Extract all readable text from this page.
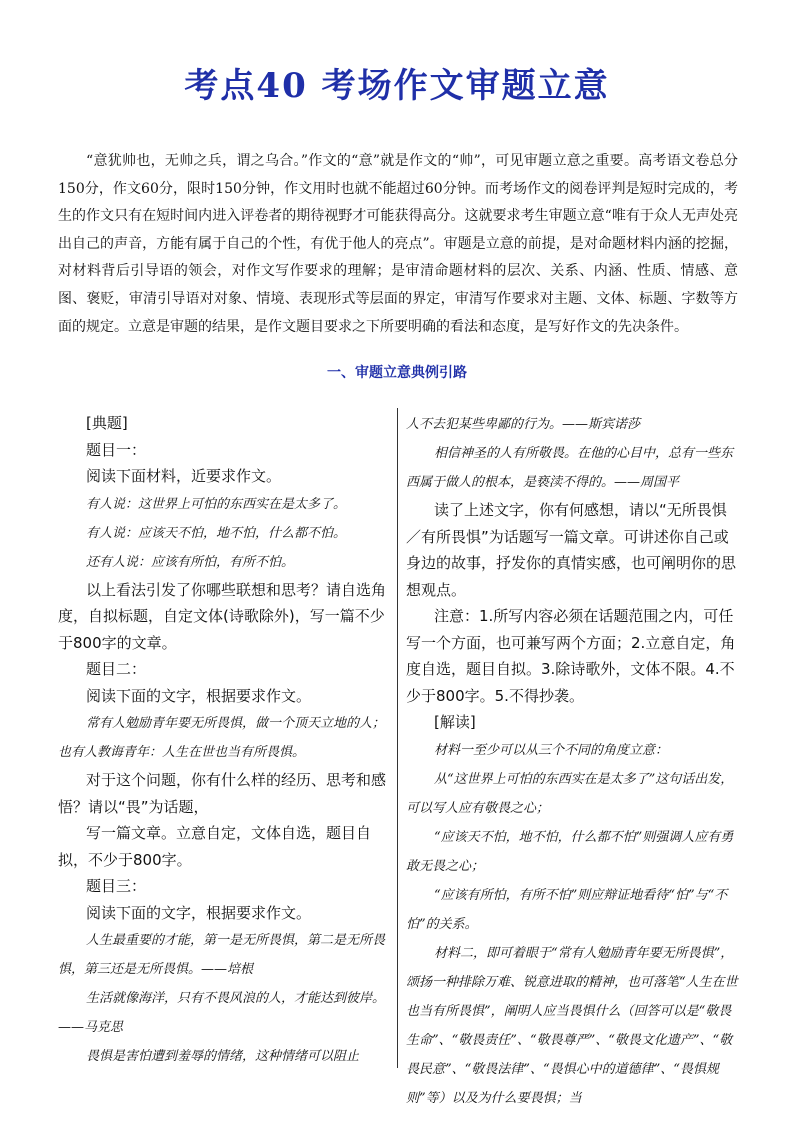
考点40 考场作文审题立意

“意犹帅也，无帅之兵，谓之乌合。”作文的“意”就是作文的“帅”，可见审题立意之重要。高考语文卷总分150分，作文60分，限时150分钟，作文用时也就不能超过60分钟。而考场作文的阅卷评判是短时完成的，考生的作文只有在短时间内进入评卷者的期待视野才可能获得高分。这就要求考生审题立意“唯有于众人无声处亮出自己的声音，方能有属于自己的个性，有优于他人的亮点”。审题是立意的前提，是对命题材料内涵的挖掘，对材料背后引导语的领会，对作文写作要求的理解；是审清命题材料的层次、关系、内涵、性质、情感、意图、褒贬，审清引导语对对象、情境、表现形式等层面的界定，审清写作要求对主题、文体、标题、字数等方面的规定。立意是审题的结果，是作文题目要求之下所要明确的看法和态度，是写好作文的先决条件。

一、审题立意典例引路

[典题]

题目一：

阅读下面材料，近要求作文。

有人说：这世界上可怕的东西实在是太多了。

有人说：应该天不怕，地不怕，什么都不怕。

还有人说：应该有所怕，有所不怕。

以上看法引发了你哪些联想和思考？请自选角度，自拟标题，自定文体(诗歌除外)，写一篇不少于800字的文章。

题目二：

阅读下面的文字，根据要求作文。

常有人勉励青年要无所畏惧，做一个顶天立地的人；也有人教诲青年：人生在世也当有所畏惧。

对于这个问题，你有什么样的经历、思考和感悟？请以“畏”为话题，

写一篇文章。立意自定，文体自选，题目自拟，不少于800字。

题目三：

阅读下面的文字，根据要求作文。

人生最重要的才能，第一是无所畏惧，第二是无所畏惧，第三还是无所畏惧。——培根

生活就像海洋，只有不畏风浪的人，才能达到彼岸。——马克思

畏惧是害怕遭到羞辱的情绪，这种情绪可以阻止

人不去犯某些卑鄙的行为。——斯宾诺莎

相信神圣的人有所敬畏。在他的心目中，总有一些东西属于做人的根本，是亵渎不得的。——周国平

读了上述文字，你有何感想，请以“无所畏惧／有所畏惧”为话题写一篇文章。可讲述你自己或身边的故事，抒发你的真情实感，也可阐明你的思想观点。

注意：1.所写内容必须在话题范围之内，可任写一个方面，也可兼写两个方面；2.立意自定，角度自选，题目自拟。3.除诗歌外，文体不限。4.不少于800字。5.不得抄袭。

[解读]

材料一至少可以从三个不同的角度立意：

从“这世界上可怕的东西实在是太多了”这句话出发，可以写人应有敬畏之心；

“应该天不怕，地不怕，什么都不怕”则强调人应有勇敢无畏之心；

“应该有所怕，有所不怕”则应辩证地看待“怕”与“不怕”的关系。

材料二，即可着眼于“常有人勉励青年要无所畏惧”，颂扬一种排除万难、锐意进取的精神，也可落笔“人生在世也当有所畏惧”，阐明人应当畏惧什么（回答可以是“敬畏生命”、“敬畏责任”、“敬畏尊严”、“敬畏文化遗产”、“敬畏民意”、“敬畏法律”、“畏惧心中的道德律”、“畏惧规则”等）以及为什么要畏惧；当
